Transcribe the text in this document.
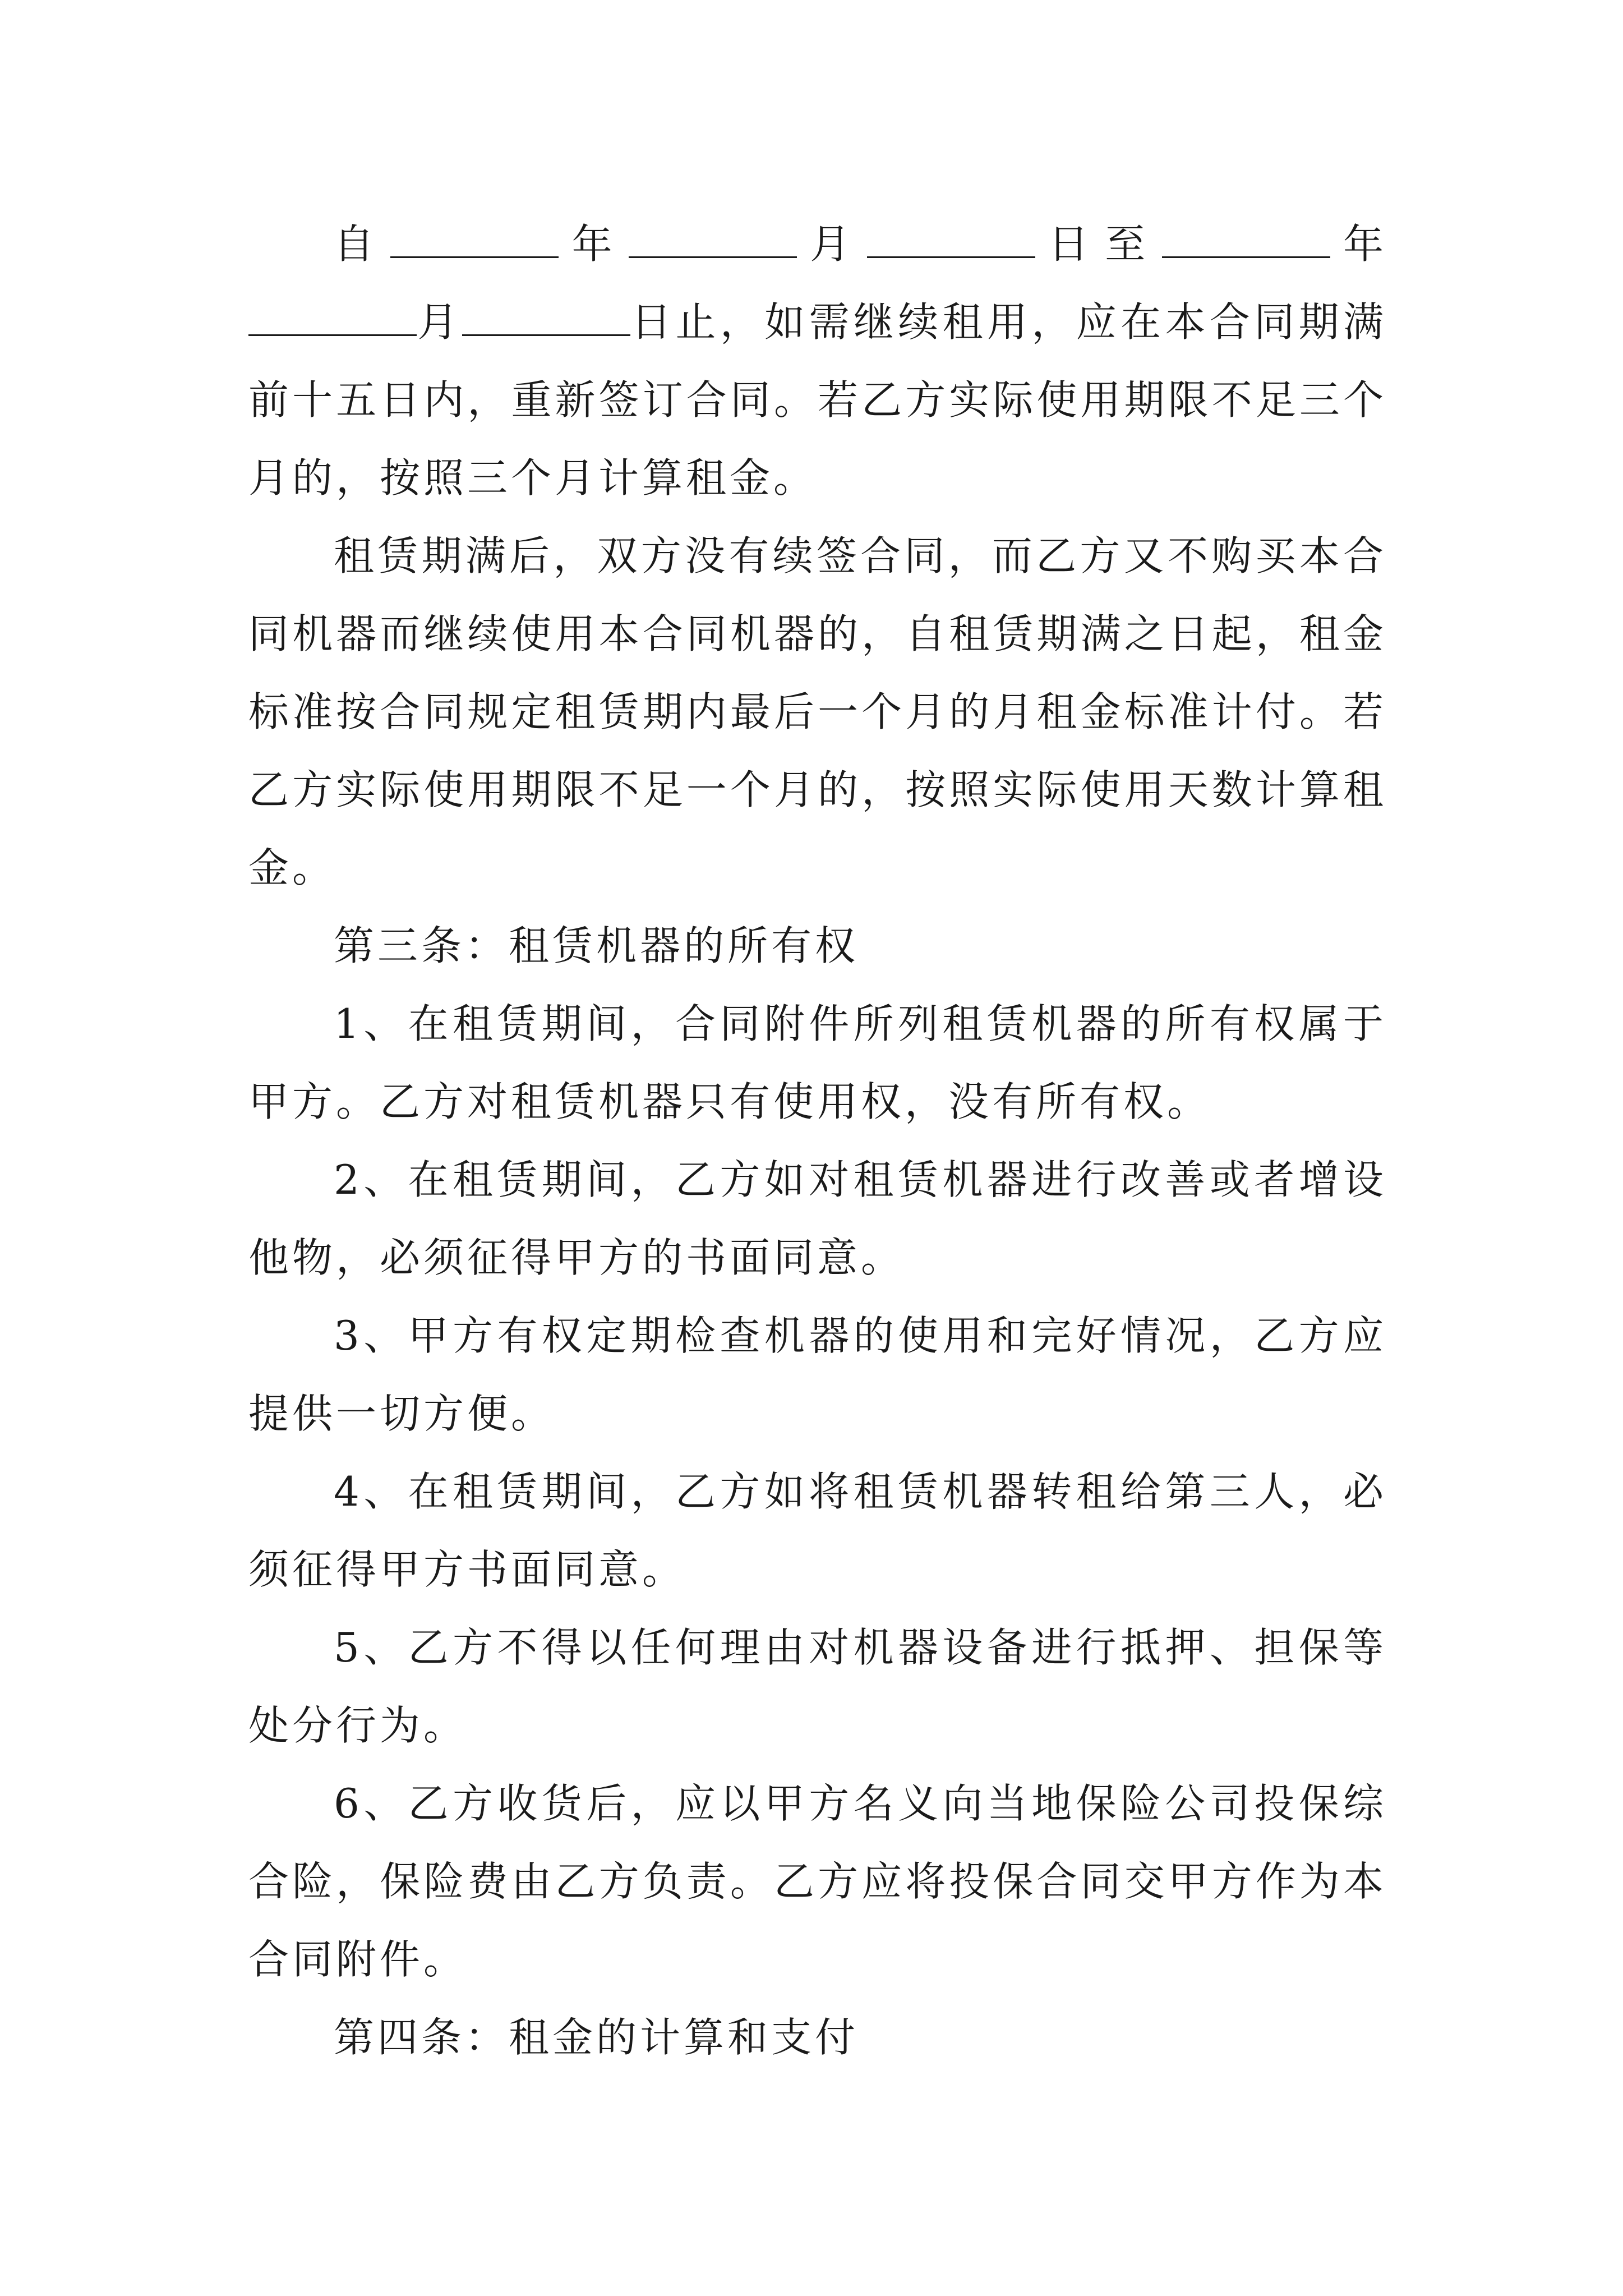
自	年	月	日至	年月	日止，如需继续租用，应在本合同期满前十五日内，重新签订合同。若乙方实际使用期限不足三个月的，按照三个月计算租金。

租赁期满后，双方没有续签合同，而乙方又不购买本合同机器而继续使用本合同机器的，自租赁期满之日起，租金标准按合同规定租赁期内最后一个月的月租金标准计付。若乙方实际使用期限不足一个月的，按照实际使用天数计算租金。

第三条：租赁机器的所有权

1、在租赁期间，合同附件所列租赁机器的所有权属于甲方。乙方对租赁机器只有使用权，没有所有权。

2、在租赁期间，乙方如对租赁机器进行改善或者增设他物，必须征得甲方的书面同意。

3、甲方有权定期检查机器的使用和完好情况，乙方应提供一切方便。

4、在租赁期间，乙方如将租赁机器转租给第三人，必须征得甲方书面同意。

5、乙方不得以任何理由对机器设备进行抵押、担保等处分行为。

6、乙方收货后，应以甲方名义向当地保险公司投保综合险，保险费由乙方负责。乙方应将投保合同交甲方作为本合同附件。

第四条：租金的计算和支付
